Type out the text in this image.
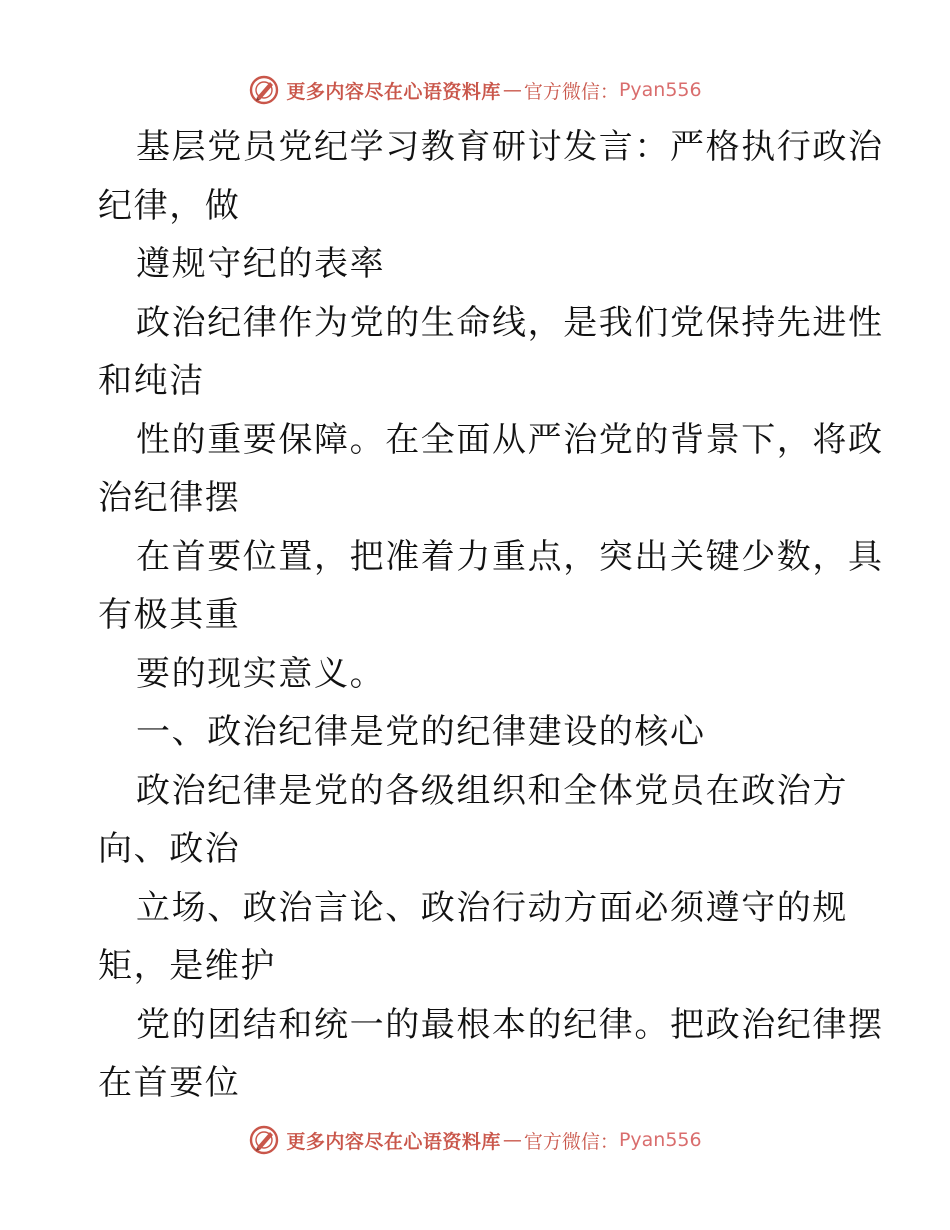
更多内容尽在心语资料库 — 官方微信： Pyan556
基层党员党纪学习教育研讨发言：严格执行政治
纪律，做
遵规守纪的表率
政治纪律作为党的生命线，是我们党保持先进性
和纯洁
性的重要保障。在全面从严治党的背景下，将政
治纪律摆
在首要位置，把准着力重点，突出关键少数，具
有极其重
要的现实意义。
一、政治纪律是党的纪律建设的核心
政治纪律是党的各级组织和全体党员在政治方
向、政治
立场、政治言论、政治行动方面必须遵守的规
矩，是维护
党的团结和统一的最根本的纪律。把政治纪律摆
在首要位
更多内容尽在心语资料库 — 官方微信： Pyan556
